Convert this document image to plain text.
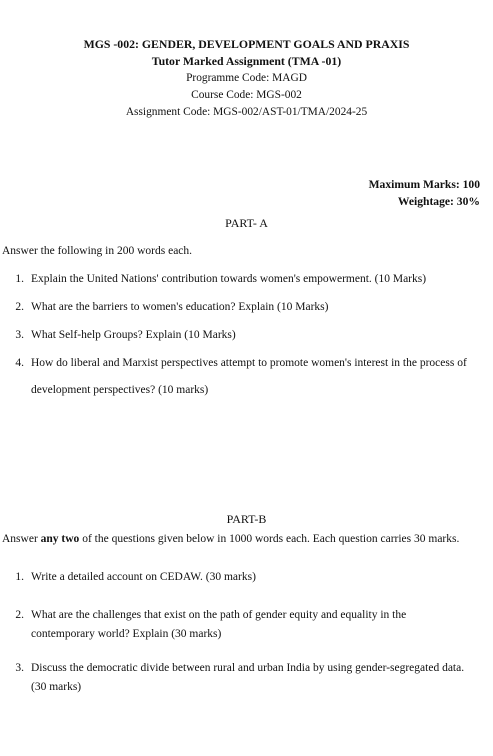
MGS -002: GENDER, DEVELOPMENT GOALS AND PRAXIS
Tutor Marked Assignment (TMA -01)
Programme Code: MAGD
Course Code: MGS-002
Assignment Code: MGS-002/AST-01/TMA/2024-25
Maximum Marks: 100
Weightage: 30%
PART- A
Answer the following in 200 words each.
1. Explain the United Nations' contribution towards women's empowerment. (10 Marks)
2. What are the barriers to women's education? Explain (10 Marks)
3. What Self-help Groups? Explain (10 Marks)
4. How do liberal and Marxist perspectives attempt to promote women's interest in the process of
development perspectives? (10 marks)
PART-B
Answer any two of the questions given below in 1000 words each. Each question carries 30 marks.
1. Write a detailed account on CEDAW. (30 marks)
2. What are the challenges that exist on the path of gender equity and equality in the
contemporary world? Explain (30 marks)
3. Discuss the democratic divide between rural and urban India by using gender-segregated data.
(30 marks)
